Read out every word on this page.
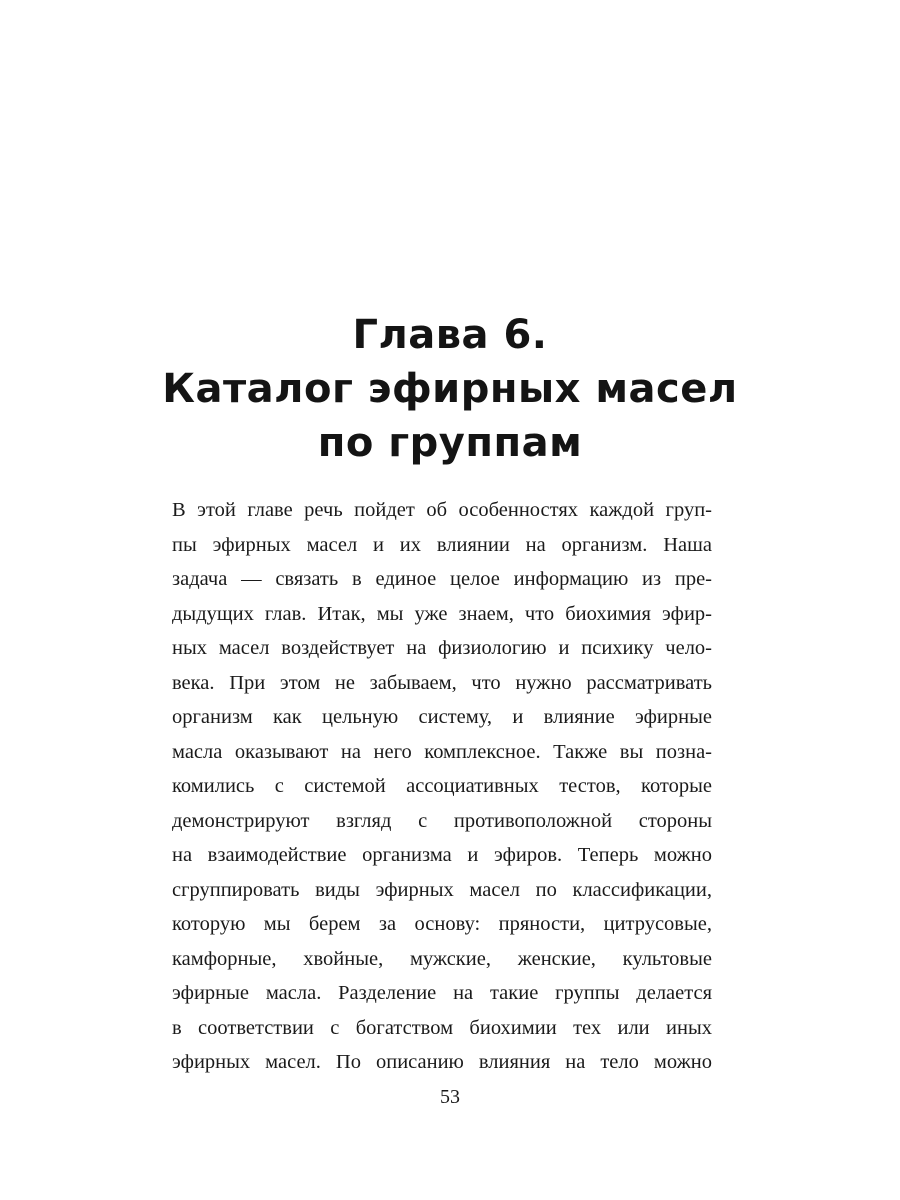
Глава 6.
Каталог эфирных масел
по группам
В этой главе речь пойдет об особенностях каждой груп-
пы эфирных масел и их влиянии на организм. Наша
задача — связать в единое целое информацию из пре-
дыдущих глав. Итак, мы уже знаем, что биохимия эфир-
ных масел воздействует на физиологию и психику чело-
века. При этом не забываем, что нужно рассматривать
организм как цельную систему, и влияние эфирные
масла оказывают на него комплексное. Также вы позна-
комились с системой ассоциативных тестов, которые
демонстрируют взгляд с противоположной стороны
на взаимодействие организма и эфиров. Теперь можно
сгруппировать виды эфирных масел по классификации,
которую мы берем за основу: пряности, цитрусовые,
камфорные, хвойные, мужские, женские, культовые
эфирные масла. Разделение на такие группы делается
в соответствии с богатством биохимии тех или иных
эфирных масел. По описанию влияния на тело можно
53
